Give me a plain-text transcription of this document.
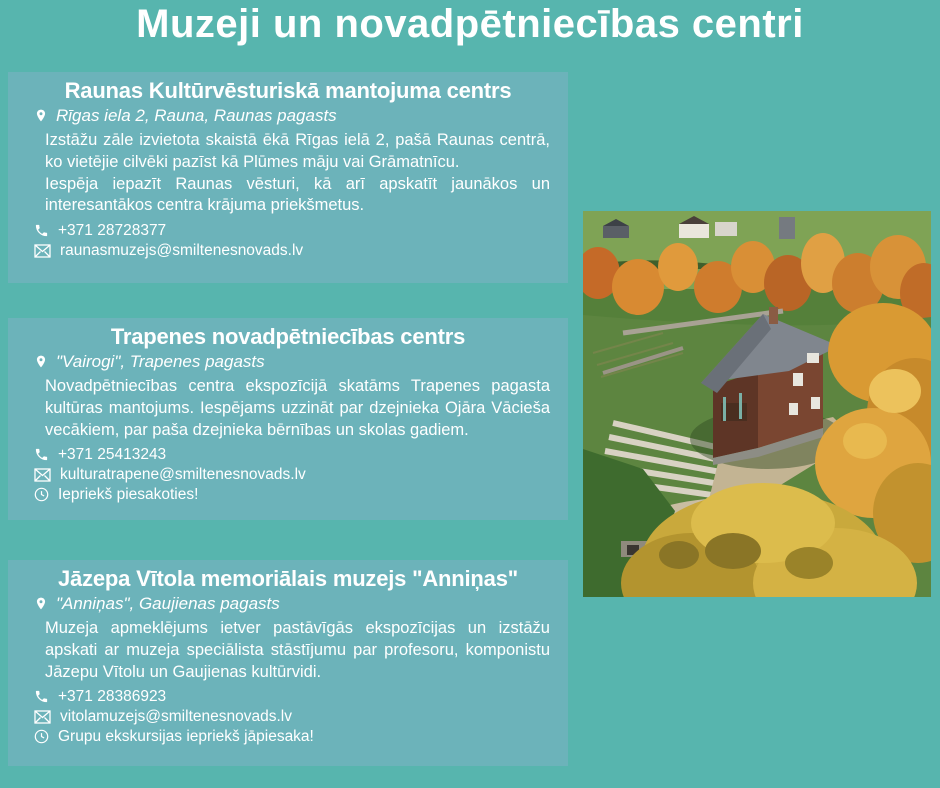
Muzeji un novadpētniecības centri
Raunas Kultūrvēsturiskā mantojuma centrs
Rīgas iela 2, Rauna, Raunas pagasts

Izstāžu zāle izvietota skaistā ēkā Rīgas ielā 2, pašā Raunas centrā, ko vietējie cilvēki pazīst kā Plūmes māju vai Grāmatnīcu.

Iespēja iepazīt Raunas vēsturi, kā arī apskatīt jaunākos un interesantākos centra krājuma priekšmetus.

+371 28728377
raunasmuzejs@smiltenesnovads.lv
Trapenes novadpētniecības centrs
"Vairogi", Trapenes pagasts

Novadpētniecības centra ekspozīcijā skatāms Trapenes pagasta kultūras mantojums. Iespējams uzzināt par dzejnieka Ojāra Vācieša vecākiem, par paša dzejnieka bērnības un skolas gadiem.

+371 25413243
kulturatrapene@smiltenesnovads.lv
Iepriekš piesakoties!
Jāzepa Vītola memoriālais muzejs "Anniņas"
"Anniņas", Gaujienas pagasts

Muzeja apmeklējums ietver pastāvīgās ekspozīcijas un izstāžu apskati ar muzeja speciālista stāstījumu par profesoru, komponistu Jāzepu Vītolu un Gaujienas kultūrvidi.

+371 28386923
vitolamuzejs@smiltenesnovads.lv
Grupu ekskursijas iepriekš jāpiesaka!
